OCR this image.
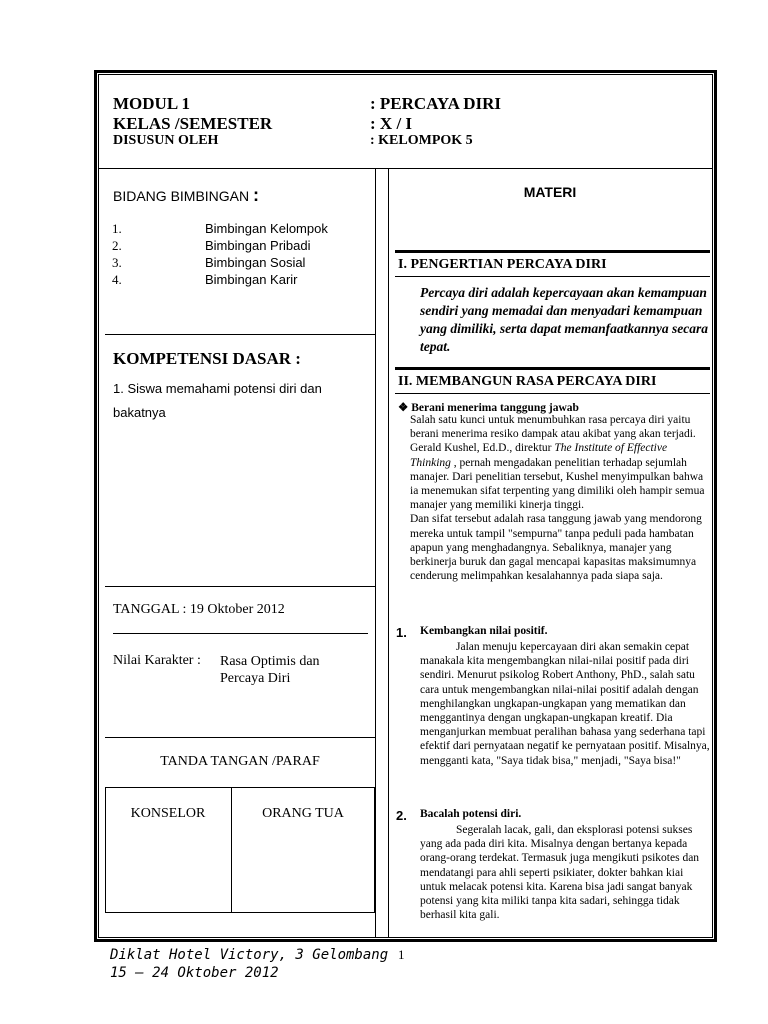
MODUL 1	: PERCAYA DIRI
KELAS /SEMESTER	: X / I
DISUSUN OLEH	: KELOMPOK 5
BIDANG BIMBINGAN :
1.	Bimbingan Kelompok
2.	Bimbingan Pribadi
3.	Bimbingan Sosial
4.	Bimbingan Karir
KOMPETENSI DASAR :
1. Siswa memahami potensi diri dan bakatnya
TANGGAL : 19 Oktober 2012
Nilai Karakter : Rasa Optimis dan Percaya Diri
TANDA TANGAN /PARAF
KONSELOR	ORANG TUA
MATERI
I. PENGERTIAN PERCAYA DIRI
Percaya diri adalah kepercayaan akan kemampuan sendiri yang memadai dan menyadari kemampuan yang dimiliki, serta dapat memanfaatkannya secara tepat.
II. MEMBANGUN RASA PERCAYA DIRI
❖ Berani menerima tanggung jawab
Salah satu kunci untuk menumbuhkan rasa percaya diri yaitu berani menerima resiko dampak atau akibat yang akan terjadi. Gerald Kushel, Ed.D., direktur The Institute of Effective Thinking , pernah mengadakan penelitian terhadap sejumlah manajer. Dari penelitian tersebut, Kushel menyimpulkan bahwa ia menemukan sifat terpenting yang dimiliki oleh hampir semua manajer yang memiliki kinerja tinggi.
Dan sifat tersebut adalah rasa tanggung jawab yang mendorong mereka untuk tampil "sempurna" tanpa peduli pada hambatan apapun yang menghadangnya. Sebaliknya, manajer yang berkinerja buruk dan gagal mencapai kapasitas maksimumnya cenderung melimpahkan kesalahannya pada siapa saja.
1. Kembangkan nilai positif.
Jalan menuju kepercayaan diri akan semakin cepat manakala kita mengembangkan nilai-nilai positif pada diri sendiri. Menurut psikolog Robert Anthony, PhD., salah satu cara untuk mengembangkan nilai-nilai positif adalah dengan menghilangkan ungkapan-ungkapan yang mematikan dan menggantinya dengan ungkapan-ungkapan kreatif. Dia menganjurkan membuat peralihan bahasa yang sederhana tapi efektif dari pernyataan negatif ke pernyataan positif. Misalnya, mengganti kata, "Saya tidak bisa," menjadi, "Saya bisa!"
2. Bacalah potensi diri.
Segeralah lacak, gali, dan eksplorasi potensi sukses yang ada pada diri kita. Misalnya dengan bertanya kepada orang-orang terdekat. Termasuk juga mengikuti psikotes dan mendatangi para ahli seperti psikiater, dokter bahkan kiai untuk melacak potensi kita. Karena bisa jadi sangat banyak potensi yang kita miliki tanpa kita sadari, sehingga tidak berhasil kita gali.
Diklat Hotel Victory, 3 Gelombang
15 – 24 Oktober 2012
1
